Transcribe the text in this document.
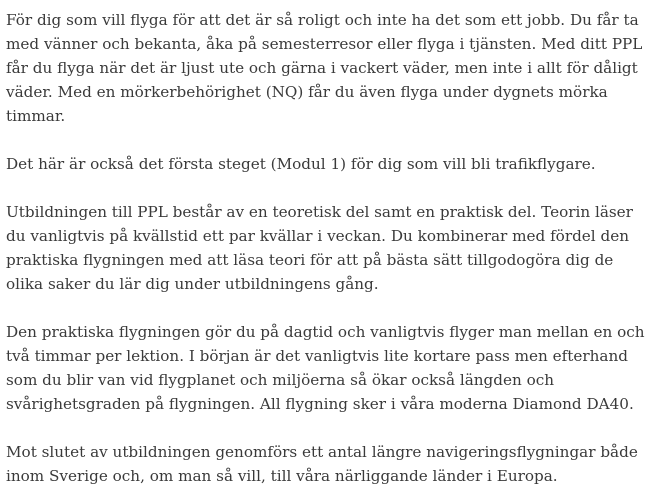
För dig som vill flyga för att det är så roligt och inte ha det som ett jobb. Du får ta med vänner och bekanta, åka på semesterresor eller flyga i tjänsten. Med ditt PPL får du flyga när det är ljust ute och gärna i vackert väder, men inte i allt för dåligt väder. Med en mörkerbehörighet (NQ) får du även flyga under dygnets mörka timmar.

Det här är också det första steget (Modul 1) för dig som vill bli trafikflygare.

Utbildningen till PPL består av en teoretisk del samt en praktisk del. Teorin läser du vanligtvis på kvällstid ett par kvällar i veckan. Du kombinerar med fördel den praktiska flygningen med att läsa teori för att på bästa sätt tillgodogöra dig de olika saker du lär dig under utbildningens gång.

Den praktiska flygningen gör du på dagtid och vanligtvis flyger man mellan en och två timmar per lektion. I början är det vanligtvis lite kortare pass men efterhand som du blir van vid flygplanet och miljöerna så ökar också längden och svårighetsgraden på flygningen. All flygning sker i våra moderna Diamond DA40.

Mot slutet av utbildningen genomförs ett antal längre navigeringsflygningar både inom Sverige och, om man så vill, till våra närliggande länder i Europa.
